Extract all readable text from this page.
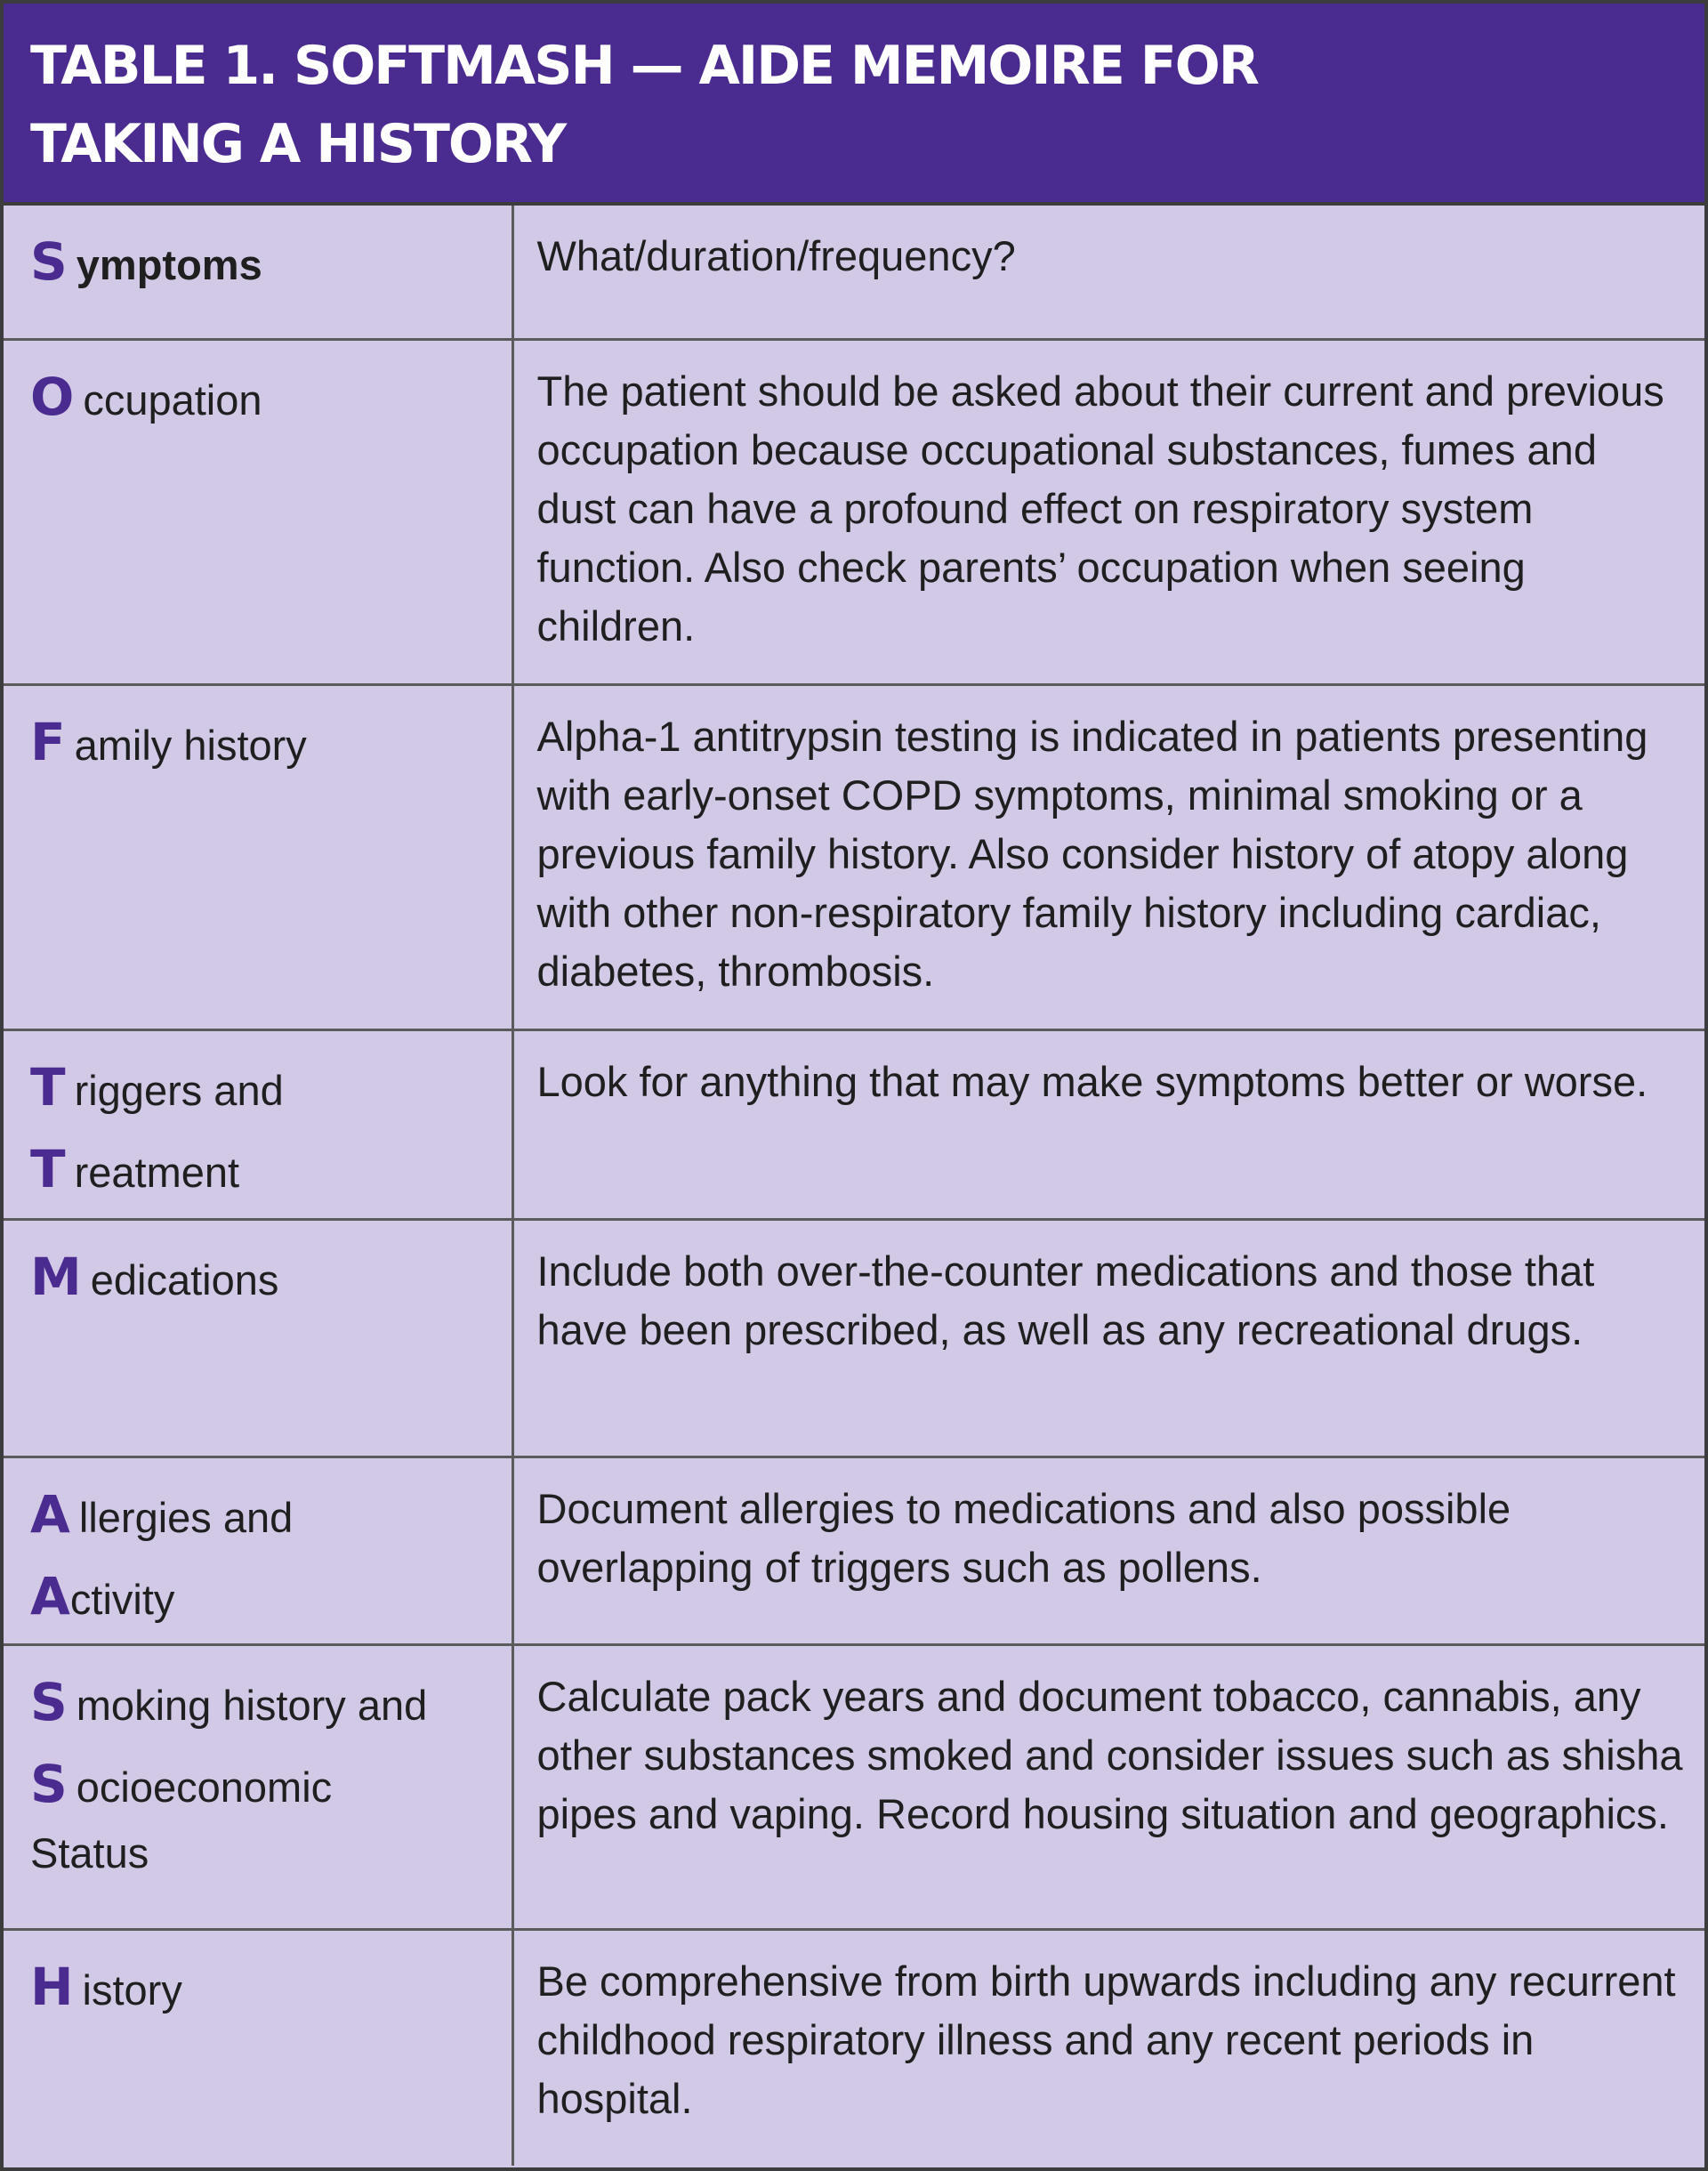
TABLE 1. SOFTMASH — AIDE MEMOIRE FOR
TAKING A HISTORY
S ymptoms	What/duration/frequency?

O ccupation	The patient should be asked about their current and previous occupation because occupational substances, fumes and dust can have a profound effect on respiratory system function. Also check parents’ occupation when seeing children.

F amily history	Alpha-1 antitrypsin testing is indicated in patients presenting with early-onset COPD symptoms, minimal smoking or a previous family history. Also consider history of atopy along with other non-respiratory family history including cardiac, diabetes, thrombosis.

T riggers and
T reatment	Look for anything that may make symptoms better or worse.

M edications	Include both over-the-counter medications and those that have been prescribed, as well as any recreational drugs.

A llergies and
Activity	Document allergies to medications and also possible overlapping of triggers such as pollens.

S moking history and
S ocioeconomic
Status	Calculate pack years and document tobacco, cannabis, any other substances smoked and consider issues such as shisha pipes and vaping. Record housing situation and geographics.

H istory	Be comprehensive from birth upwards including any recurrent childhood respiratory illness and any recent periods in hospital.
